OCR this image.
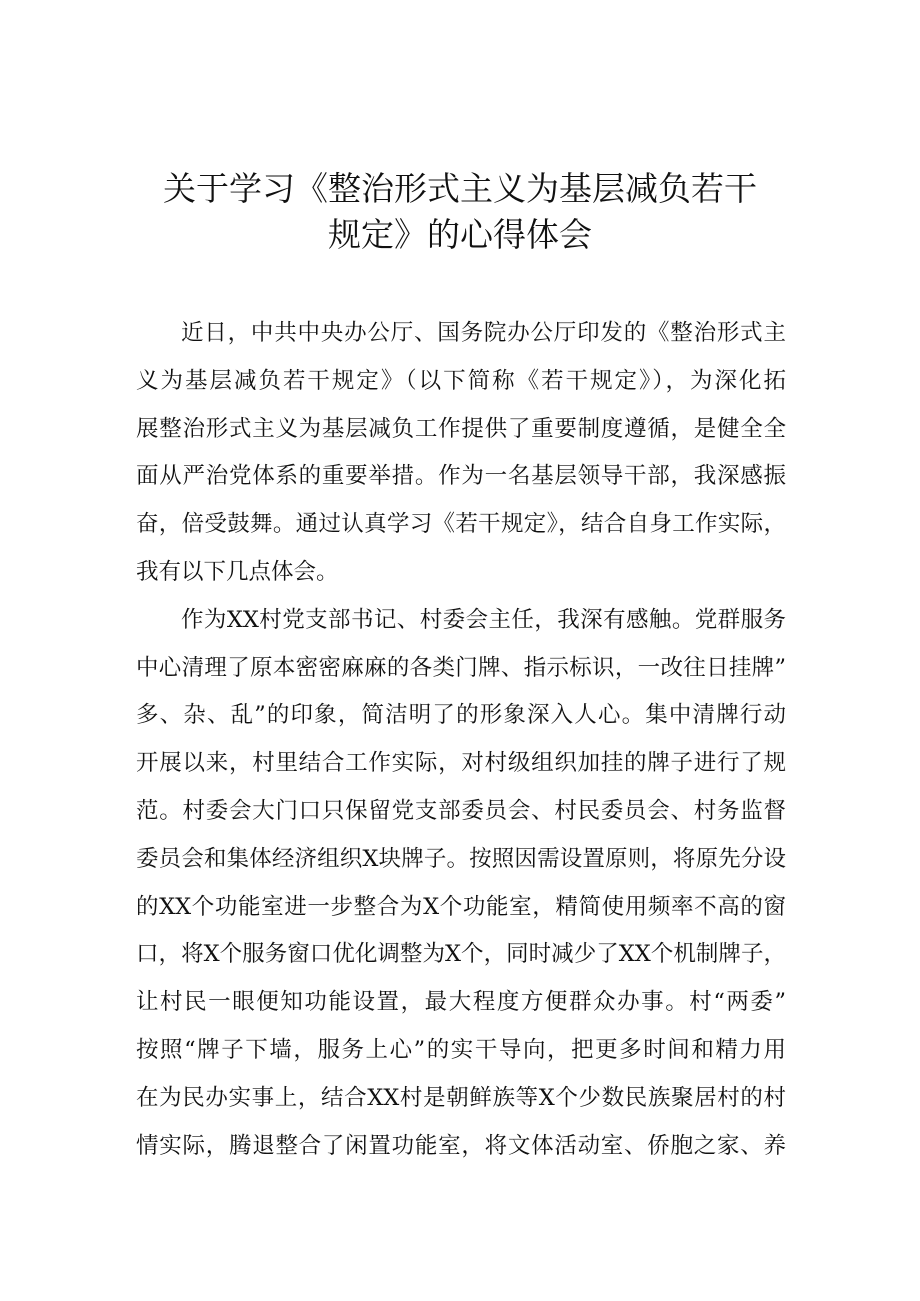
关于学习《整治形式主义为基层减负若干
规定》的心得体会
近日，中共中央办公厅、国务院办公厅印发的《整治形式主
义为基层减负若干规定》（以下简称《若干规定》），为深化拓
展整治形式主义为基层减负工作提供了重要制度遵循，是健全全
面从严治党体系的重要举措。作为一名基层领导干部，我深感振
奋，倍受鼓舞。通过认真学习《若干规定》，结合自身工作实际，
我有以下几点体会。
作为XX村党支部书记、村委会主任，我深有感触。党群服务
中心清理了原本密密麻麻的各类门牌、指示标识，一改往日挂牌”
多、杂、乱”的印象，简洁明了的形象深入人心。集中清牌行动
开展以来，村里结合工作实际，对村级组织加挂的牌子进行了规
范。村委会大门口只保留党支部委员会、村民委员会、村务监督
委员会和集体经济组织X块牌子。按照因需设置原则，将原先分设
的XX个功能室进一步整合为X个功能室，精简使用频率不高的窗
口，将X个服务窗口优化调整为X个，同时减少了XX个机制牌子，
让村民一眼便知功能设置，最大程度方便群众办事。村“两委”
按照“牌子下墙，服务上心”的实干导向，把更多时间和精力用
在为民办实事上，结合XX村是朝鲜族等X个少数民族聚居村的村
情实际，腾退整合了闲置功能室，将文体活动室、侨胞之家、养
